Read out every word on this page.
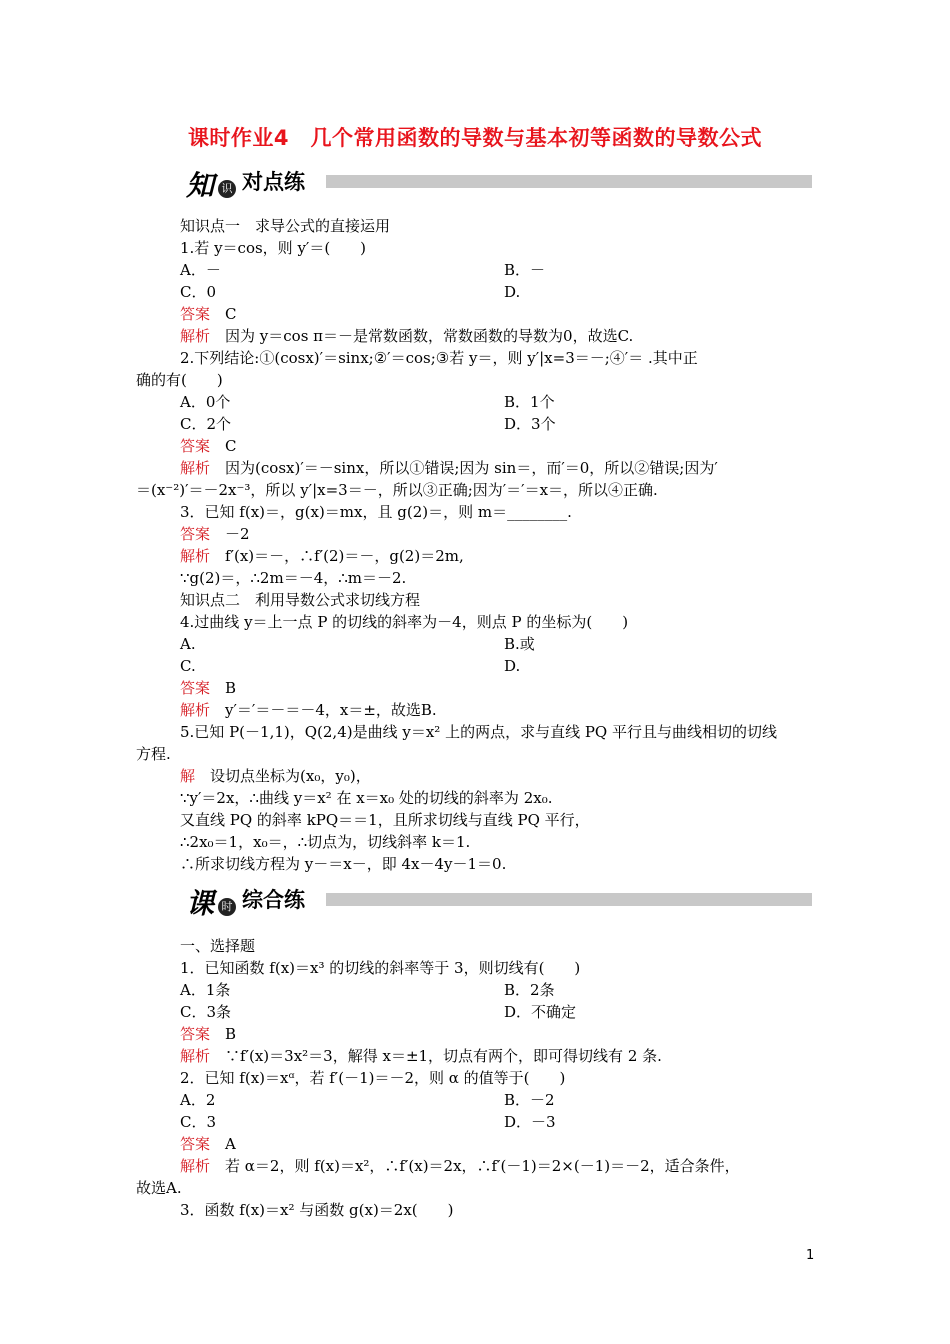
课时作业4　几个常用函数的导数与基本初等函数的导数公式
知 识 对点练
知识点一　求导公式的直接运用
1.若 y＝cos，则 y′＝(　　)
A．－	B．－
C．0	D.
答案　 C
解析　 因为 y＝cos π＝－是常数函数，常数函数的导数为0，故选C.
2.下列结论:①(cosx)′＝sinx;②′＝cos;③若 y＝，则 y′|x=3＝－;④′＝ .其中正
确的有(　　)
A．0个	B．1个
C．2个	D．3个
答案　 C
解析　 因为(cosx)′＝－sinx，所以①错误;因为 sin＝，而′＝0，所以②错误;因为′
＝(x⁻²)′＝－2x⁻³，所以 y′|x=3＝－，所以③正确;因为′＝′＝x＝，所以④正确.
3．已知 f(x)＝，g(x)＝mx，且 g(2)＝，则 m＝________.
答案　 －2
解析　 f′(x)＝－，∴f′(2)＝－，g(2)＝2m,
∵g(2)＝，∴2m＝－4，∴m＝－2.
知识点二　利用导数公式求切线方程
4.过曲线 y＝上一点 P 的切线的斜率为－4，则点 P 的坐标为(　　)
A.	B.或
C.	D.
答案　 B
解析　 y′＝′＝－＝－4，x＝±，故选B.
5.已知 P(－1,1)，Q(2,4)是曲线 y＝x² 上的两点，求与直线 PQ 平行且与曲线相切的切线
方程.
解　 设切点坐标为(x₀，y₀)，
∵y′＝2x，∴曲线 y＝x² 在 x＝x₀ 处的切线的斜率为 2x₀.
又直线 PQ 的斜率 kPQ＝＝1，且所求切线与直线 PQ 平行，
∴2x₀＝1，x₀＝，∴切点为，切线斜率 k＝1.
∴所求切线方程为 y－＝x－，即 4x－4y－1＝0.
课 时 综合练
一、选择题
1．已知函数 f(x)＝x³ 的切线的斜率等于 3，则切线有(　　)
A．1条	B．2条
C．3条	D．不确定
答案　 B
解析　 ∵f′(x)＝3x²＝3，解得 x＝±1，切点有两个，即可得切线有 2 条.
2．已知 f(x)＝xᵅ，若 f′(－1)＝－2，则 α 的值等于(　　)
A．2	B．－2
C．3	D．－3
答案　 A
解析　 若 α＝2，则 f(x)＝x²，∴f′(x)＝2x，∴f′(－1)＝2×(－1)＝－2，适合条件，
故选A.
3．函数 f(x)＝x² 与函数 g(x)＝2x(　　)
1
